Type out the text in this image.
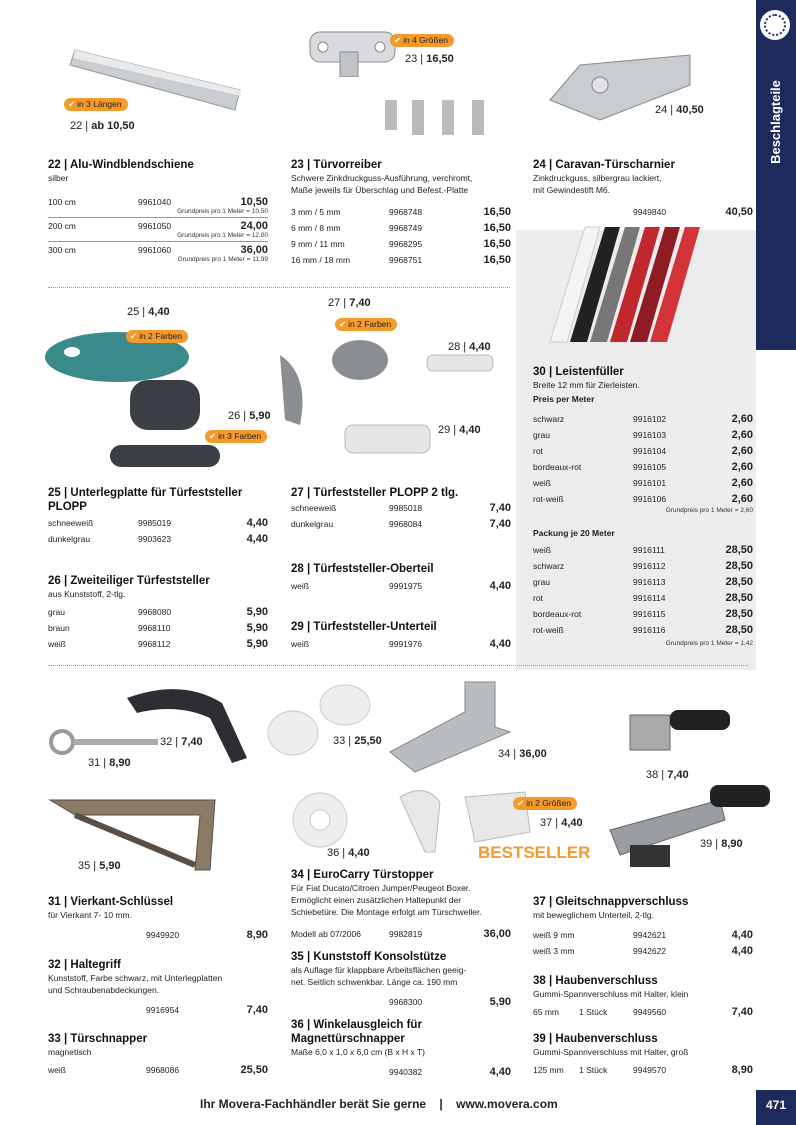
Beschlagteile
471
Ihr Movera-Fachhändler berät Sie gerne | www.movera.com
✔ in 3 Längen
✔ in 4 Größen
✔ in 2 Farben
✔ in 3 Farben
✔ in 2 Farben
✔ in 2 Größen
BESTSELLER
22 | ab 10,50
23 | 16,50
24 | 40,50
25 | 4,40
26 | 5,90
27 | 7,40
28 | 4,40
29 | 4,40
31 | 8,90
32 | 7,40	33 | 25,50
34 | 36,00
35 | 5,90
36 | 4,40
37 | 4,40
38 | 7,40
39 | 8,90
22 | Alu-Windblendschiene
silber
100 cm	9961040	10,50
Grundpreis pro 1 Meter = 10,50
200 cm	9961050	24,00
Grundpreis pro 1 Meter = 12,00
300 cm	9961060	36,00
Grundpreis pro 1 Meter = 11,99
23 | Türvorreiber
Schwere Zinkdruckguss-Ausführung, verchromt,
Maße jeweils für Überschlag und Befest.-Platte
3 mm / 5 mm	9968748	16,50
6 mm / 8 mm	9968749	16,50
9 mm / 11 mm	9968295	16,50
16 mm / 18 mm	9968751	16,50
24 | Caravan-Türscharnier
Zinkdruckguss, silbergrau lackiert,
mit Gewindestift M6.
9949840	40,50
25 | Unterlegplatte für Türfeststeller
PLOPP
schneeweiß	9985019	4,40
dunkelgrau	9903623	4,40
26 | Zweiteiliger Türfeststeller
aus Kunststoff, 2-tlg.
grau	9968080	5,90
braun	9968110	5,90
weiß	9968112	5,90
27 | Türfeststeller PLOPP 2 tlg.
schneeweiß	9985018	7,40
dunkelgrau	9968084	7,40
28 | Türfeststeller-Oberteil
weiß	9991975	4,40
29 | Türfeststeller-Unterteil
weiß	9991976	4,40
30 | Leistenfüller
Breite 12 mm für Zierleisten.
Preis per Meter
schwarz	9916102	2,60
grau	9916103	2,60
rot	9916104	2,60
bordeaux-rot	9916105	2,60
weiß	9916101	2,60
rot-weiß	9916106	2,60
Grundpreis pro 1 Meter = 2,60
Packung je 20 Meter
weiß	9916111	28,50
schwarz	9916112	28,50
grau	9916113	28,50
rot	9916114	28,50
bordeaux-rot	9916115	28,50
rot-weiß	9916116	28,50
Grundpreis pro 1 Meter = 1,42
31 | Vierkant-Schlüssel
für Vierkant 7- 10 mm.
9949920	8,90
32 | Haltegriff
Kunststoff, Farbe schwarz, mit Unterlegplatten
und Schraubenabdeckungen.
9916954	7,40
33 | Türschnapper
magnetisch
weiß	9968086	25,50
34 | EuroCarry Türstopper
Für Fiat Ducato/Citroen Jumper/Peugeot Boxer.
Ermöglicht einen zusätzlichen Haltepunkt der
Schiebetüre. Die Montage erfolgt am Türschweller.
Modell ab 07/2006	9982819	36,00
35 | Kunststoff Konsolstütze
als Auflage für klappbare Arbeitsflächen geeig-
net. Seitlich schwenkbar. Länge ca. 190 mm
9968300	5,90
36 | Winkelausgleich für
Magnettürschnapper
Maße 6,0 x 1,0 x 6,0 cm (B x H x T)
9940382	4,40
37 | Gleitschnappverschluss
mit beweglichem Unterteil, 2-tlg.
weiß 9 mm	9942621	4,40
weiß 3 mm	9942622	4,40
38 | Haubenverschluss
Gummi-Spannverschluss mit Halter, klein
65 mm 1 Stück	9949560	7,40
39 | Haubenverschluss
Gummi-Spannverschluss mit Halter, groß
125 mm 1 Stück	9949570	8,90
